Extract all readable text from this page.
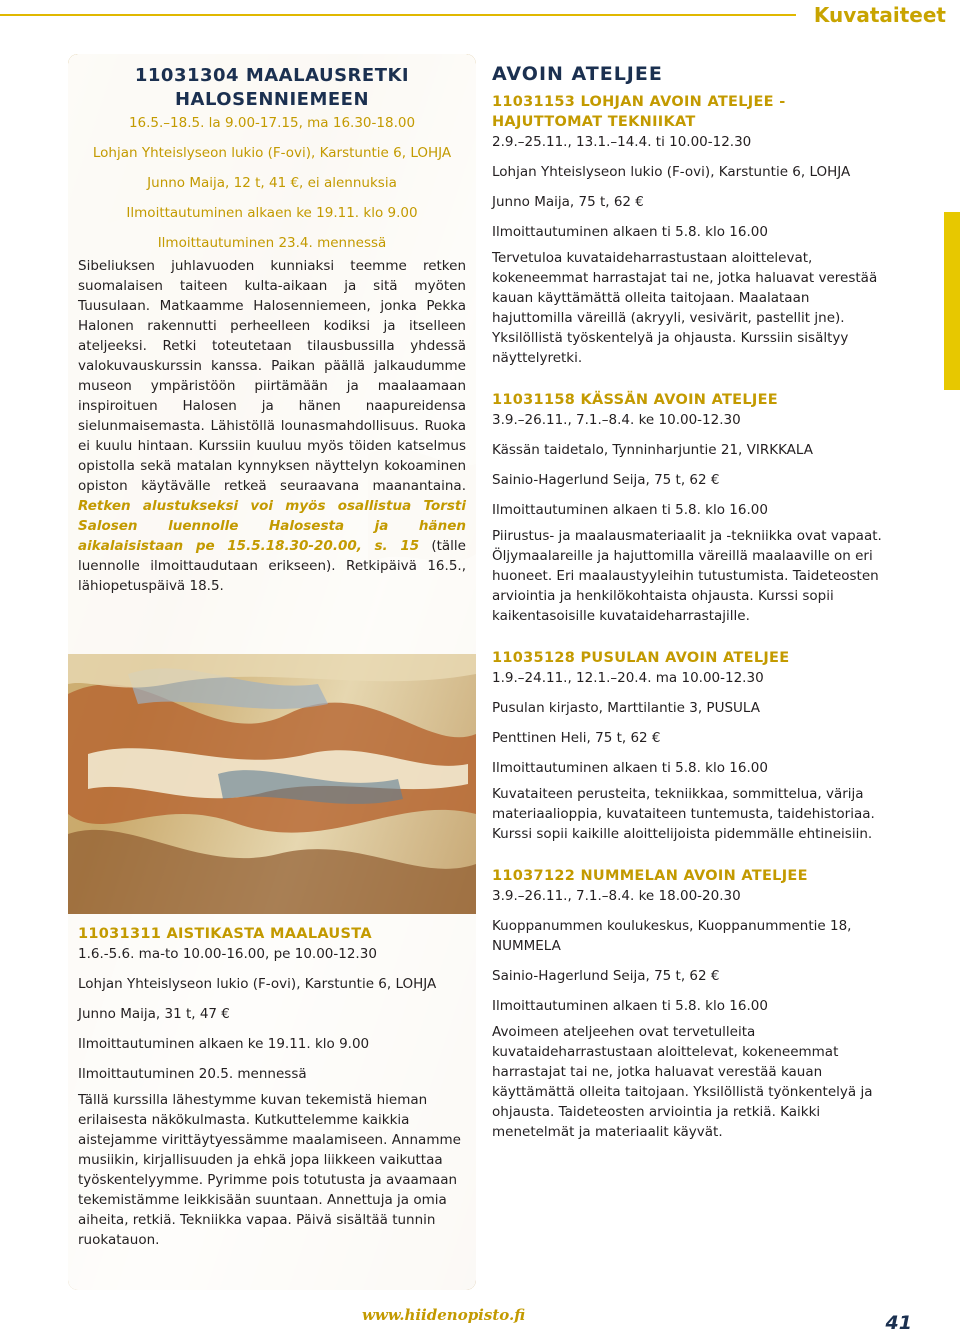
Kuvataiteet

11031304 MAALAUSRETKI

HALOSENNIEMEEN

16.5.–18.5. la 9.00-17.15, ma 16.30-18.00

Lohjan Yhteislyseon lukio (F-ovi), Karstuntie 6, LOHJA

Junno Maija, 12 t, 41 €, ei alennuksia

Ilmoittautuminen alkaen ke 19.11. klo 9.00

Ilmoittautuminen 23.4. mennessä

Sibeliuksen juhlavuoden kunniaksi teemme retken suomalaisen taiteen kulta-aikaan ja sitä myöten Tuusulaan. Matkaamme Halosenniemeen, jonka Pekka Halonen rakennutti perheelleen kodiksi ja itselleen ateljeeksi. Retki toteutetaan tilausbussilla yhdessä valokuvauskurssin kanssa. Paikan päällä jalkaudumme museon ympäristöön piirtämään ja maalaamaan inspiroituen Halosen ja hänen naapureidensa sielunmaisemasta. Lähistöllä lounasmahdollisuus. Ruoka ei kuulu hintaan. Kurssiin kuuluu myös töiden katselmus opistolla sekä matalan kynnyksen näyttelyn kokoaminen opiston käytävälle retkeä seuraavana maanantaina. Retken alustukseksi voi myös osallistua Torsti Salosen luennolle Halosesta ja hänen aikalaisistaan pe 15.5.18.30-20.00, s. 15 (tälle luennolle ilmoittaudutaan erikseen). Retkipäivä 16.5., lähiopetuspäivä 18.5.

11031311 AISTIKASTA MAALAUSTA

1.6.-5.6. ma-to 10.00-16.00, pe 10.00-12.30

Lohjan Yhteislyseon lukio (F-ovi), Karstuntie 6, LOHJA

Junno Maija, 31 t, 47 €

Ilmoittautuminen alkaen ke 19.11. klo 9.00

Ilmoittautuminen 20.5. mennessä

Tällä kurssilla lähestymme kuvan tekemistä hieman erilaisesta näkökulmasta. Kutkuttelemme kaikkia aistejamme virittäytyessämme maalamiseen. Annamme musiikin, kirjallisuuden ja ehkä jopa liikkeen vaikuttaa työskentelyymme. Pyrimme pois totutusta ja avaamaan tekemistämme leikkisään suuntaan. Annettuja ja omia aiheita, retkiä. Tekniikka vapaa. Päivä sisältää tunnin ruokatauon.

AVOIN ATELJEE

11031153 LOHJAN AVOIN ATELJEE - HAJUTTOMAT TEKNIIKAT

2.9.–25.11., 13.1.–14.4. ti 10.00-12.30

Lohjan Yhteislyseon lukio (F-ovi), Karstuntie 6, LOHJA

Junno Maija, 75 t, 62 €

Ilmoittautuminen alkaen ti 5.8. klo 16.00

Tervetuloa kuvataideharrastustaan aloittelevat, kokeneemmat harrastajat tai ne, jotka haluavat verestää kauan käyttämättä olleita taitojaan. Maalataan hajuttomilla väreillä (akryyli, vesivärit, pastellit jne). Yksilöllistä työskentelyä ja ohjausta. Kurssiin sisältyy näyttelyretki.

11031158 KÄSSÄN AVOIN ATELJEE

3.9.–26.11., 7.1.–8.4. ke 10.00-12.30

Kässän taidetalo, Tynninharjuntie 21, VIRKKALA

Sainio-Hagerlund Seija, 75 t, 62 €

Ilmoittautuminen alkaen ti 5.8. klo 16.00

Piirustus- ja maalausmateriaalit ja -tekniikka ovat vapaat. Öljymaalareille ja hajuttomilla väreillä maalaaville on eri huoneet. Eri maalaustyyleihin tutustumista. Taideteosten arviointia ja henkilökohtaista ohjausta. Kurssi sopii kaikentasoisille kuvataideharrastajille.

11035128 PUSULAN AVOIN ATELJEE

1.9.–24.11., 12.1.–20.4. ma 10.00-12.30

Pusulan kirjasto, Marttilantie 3, PUSULA

Penttinen Heli, 75 t, 62 €

Ilmoittautuminen alkaen ti 5.8. klo 16.00

Kuvataiteen perusteita, tekniikkaa, sommittelua, värija materiaalioppia, kuvataiteen tuntemusta, taidehistoriaa. Kurssi sopii kaikille aloittelijoista pidemmälle ehtineisiin.

11037122 NUMMELAN AVOIN ATELJEE

3.9.–26.11., 7.1.–8.4. ke 18.00-20.30

Kuoppanummen koulukeskus, Kuoppanummentie 18, NUMMELA

Sainio-Hagerlund Seija, 75 t, 62 €

Ilmoittautuminen alkaen ti 5.8. klo 16.00

Avoimeen ateljeehen ovat tervetulleita kuvataideharrastustaan aloittelevat, kokeneemmat harrastajat tai ne, jotka haluavat verestää kauan käyttämättä olleita taitojaan. Yksilöllistä työnkentelyä ja ohjausta. Taideteosten arviointia ja retkiä. Kaikki menetelmät ja materiaalit käyvät.

www.hiidenopisto.fi	41
